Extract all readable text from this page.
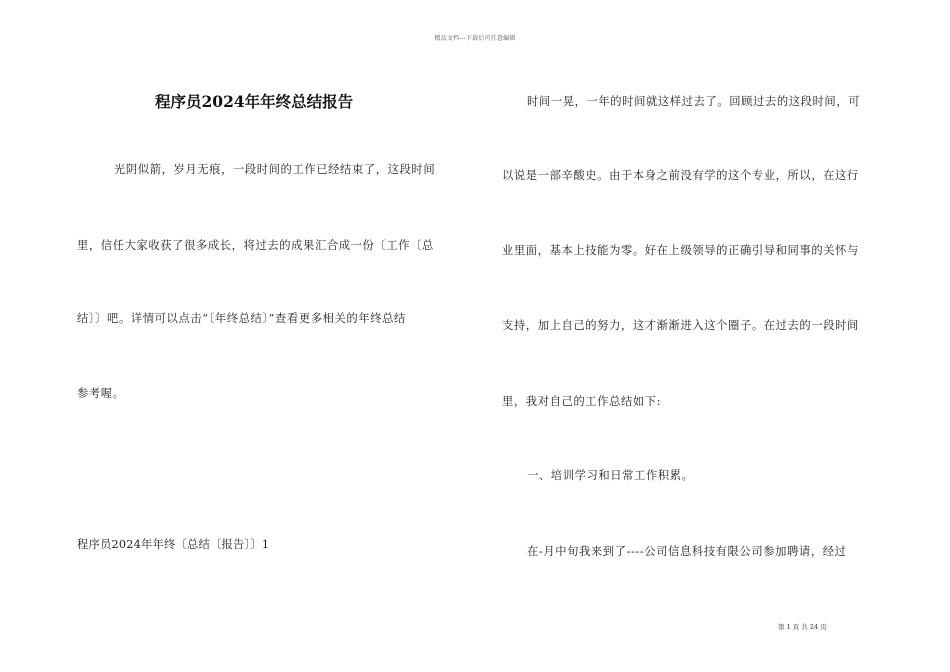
精品文档---下载后可任意编辑
程序员2024年年终总结报告
光阴似箭，岁月无痕，一段时间的工作已经结束了，这段时间
里，信任大家收获了很多成长，将过去的成果汇合成一份〔工作〔总
结〕〕吧。详情可以点击“〔年终总结〕”查看更多相关的年终总结
参考喔。
程序员2024年年终〔总结〔报告〕〕1
时间一晃，一年的时间就这样过去了。回顾过去的这段时间，可
以说是一部辛酸史。由于本身之前没有学的这个专业，所以，在这行
业里面，基本上技能为零。好在上级领导的正确引导和同事的关怀与
支持，加上自己的努力，这才渐渐进入这个圈子。在过去的一段时间
里，我对自己的工作总结如下:
一、培训学习和日常工作积累。
在-月中旬我来到了----公司信息科技有限公司参加聘请，经过
第 1 页 共 24 页
